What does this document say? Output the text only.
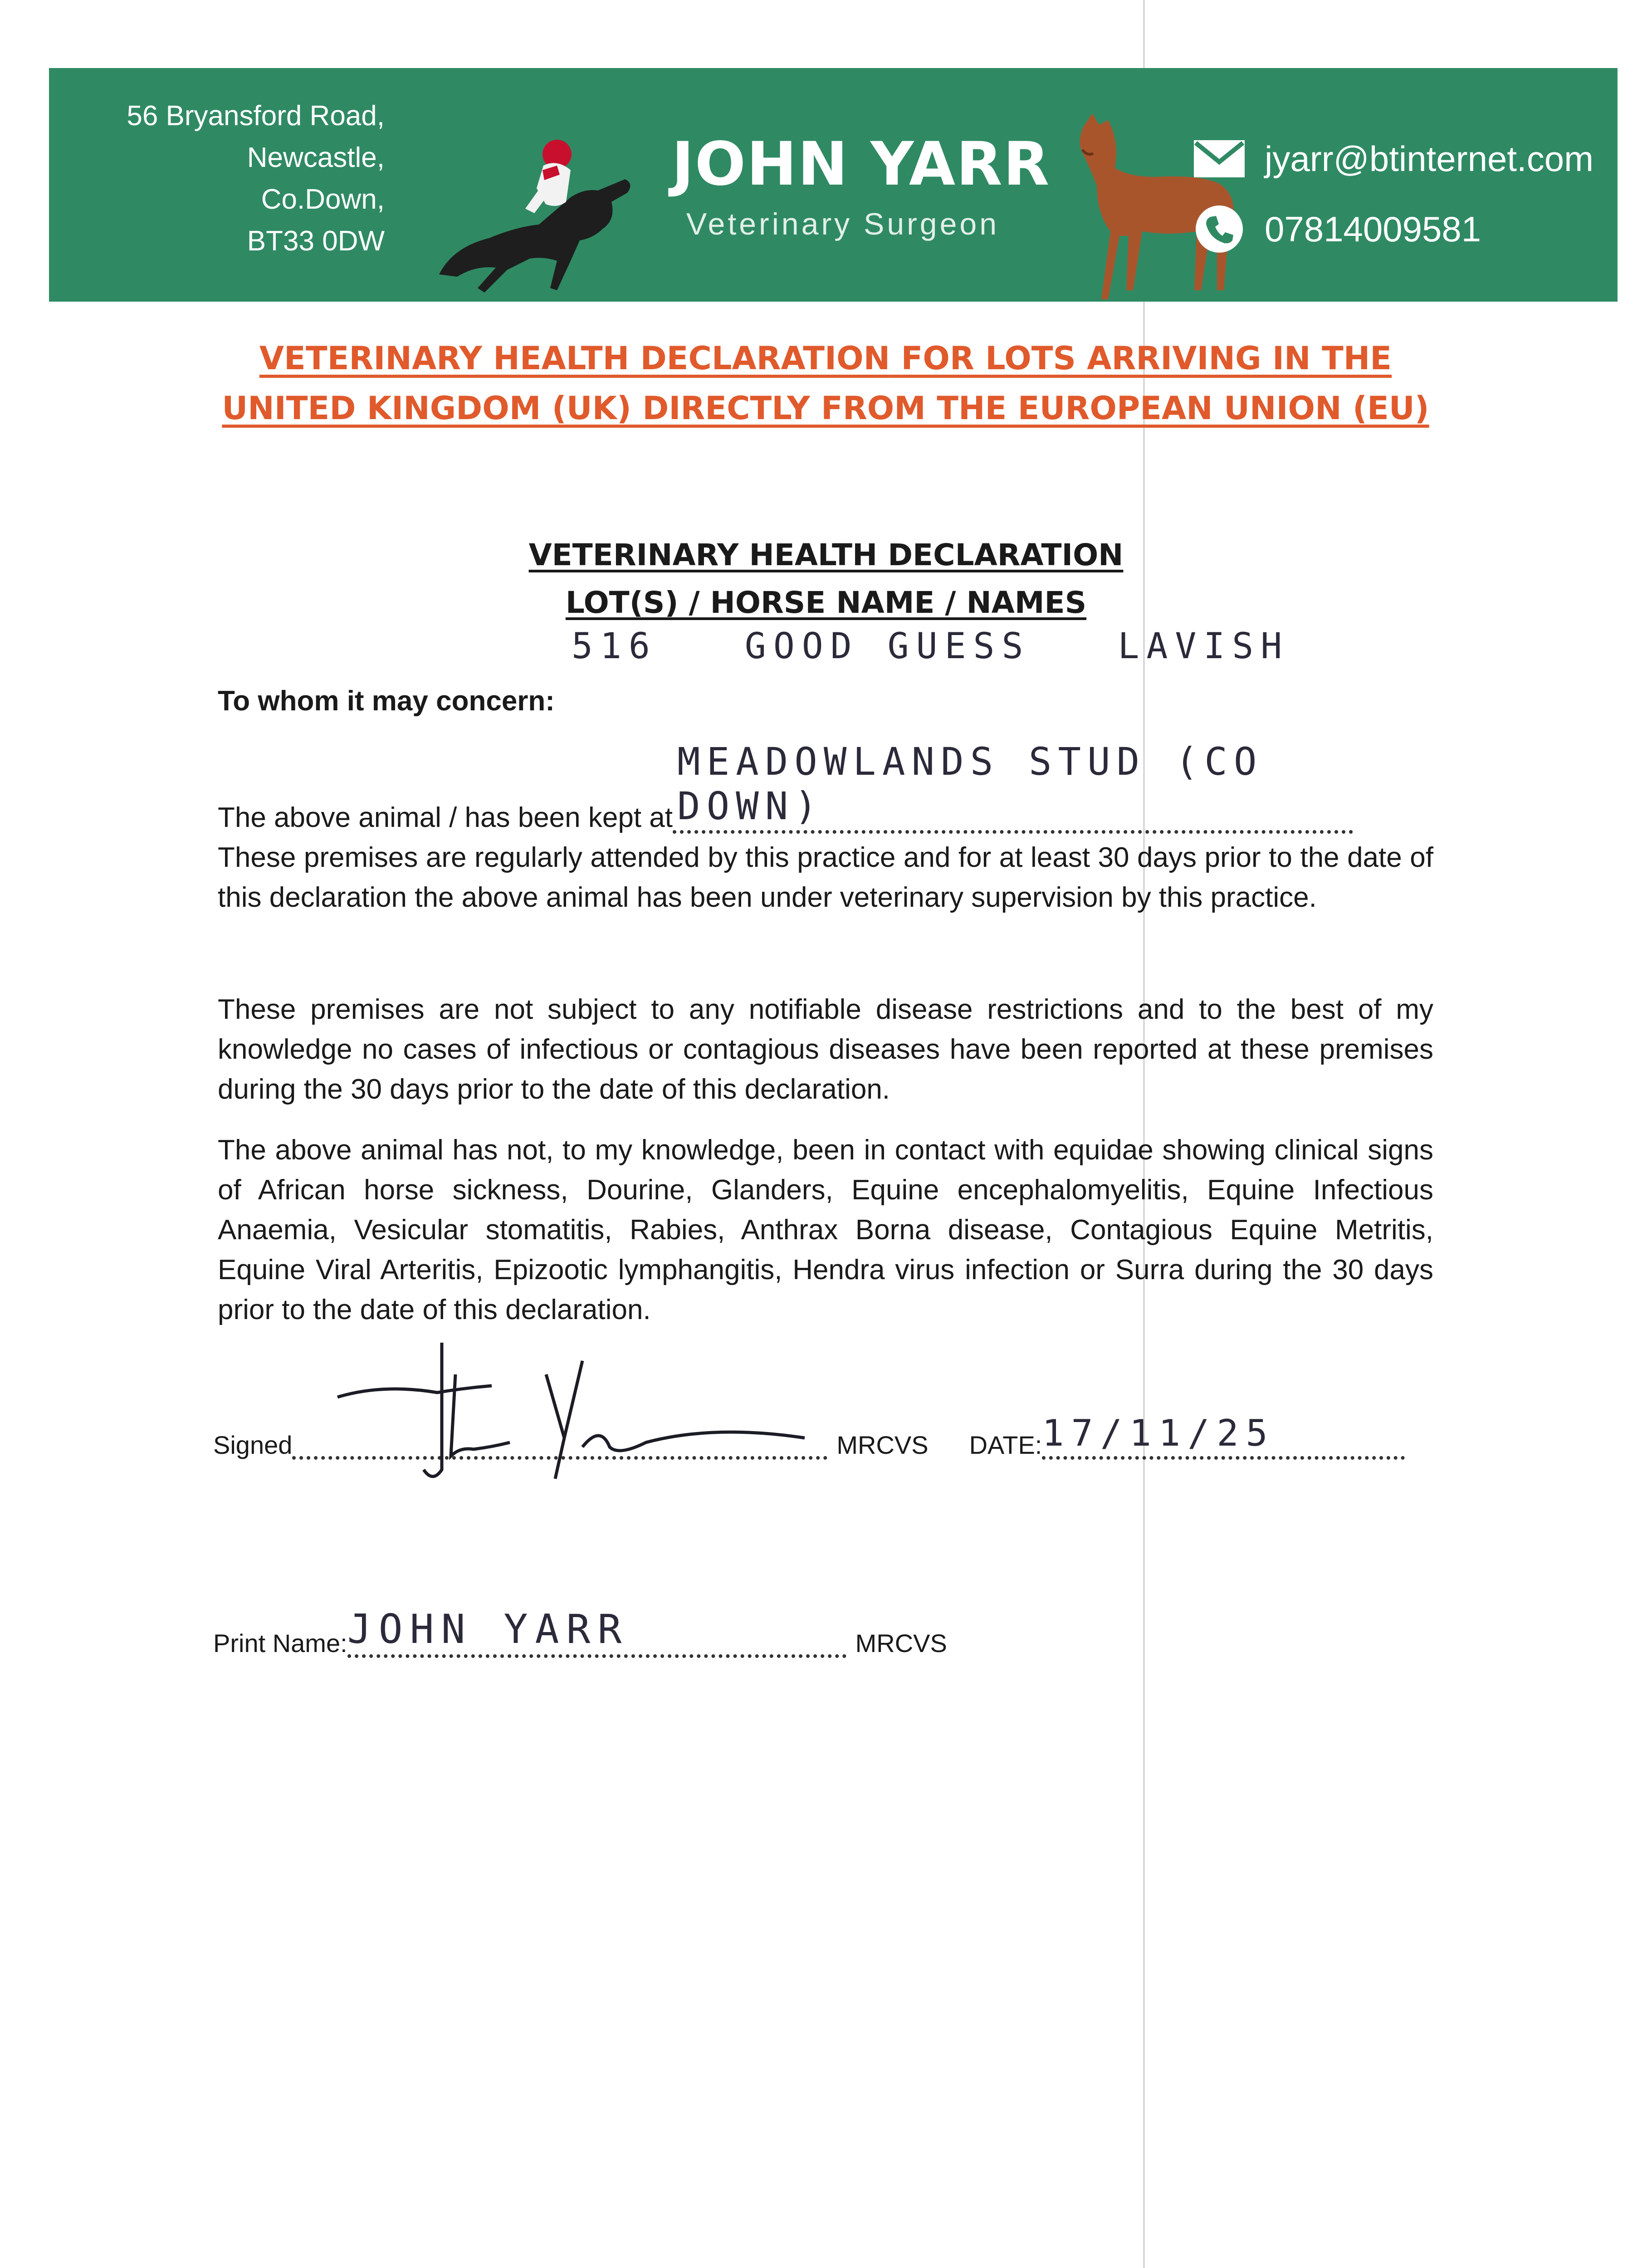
56 Bryansford Road,
Newcastle,
Co.Down,
BT33 0DW
JOHN YARR
Veterinary Surgeon
jyarr@btinternet.com
07814009581
VETERINARY HEALTH DECLARATION FOR LOTS ARRIVING IN THE
UNITED KINGDOM (UK) DIRECTLY FROM THE EUROPEAN UNION (EU)
VETERINARY HEALTH DECLARATION
LOT(S) / HORSE NAME / NAMES
516 GOOD GUESS LAVISH
To whom it may concern:
The above animal / has been kept at
MEADOWLANDS STUD (CO DOWN)

These premises are regularly attended by this practice and for at least 30 days prior to the date of this declaration the above animal has been under veterinary supervision by this practice.

These premises are not subject to any notifiable disease restrictions and to the best of my knowledge no cases of infectious or contagious diseases have been reported at these premises during the 30 days prior to the date of this declaration.

The above animal has not, to my knowledge, been in contact with equidae showing clinical signs of African horse sickness, Dourine, Glanders, Equine encephalomyelitis, Equine Infectious Anaemia, Vesicular stomatitis, Rabies, Anthrax Borna disease, Contagious Equine Metritis, Equine Viral Arteritis, Epizootic lymphangitis, Hendra virus infection or Surra during the 30 days prior to the date of this declaration.

Signed	MRCVS DATE: 17/11/25
Print Name: JOHN YARR	MRCVS
